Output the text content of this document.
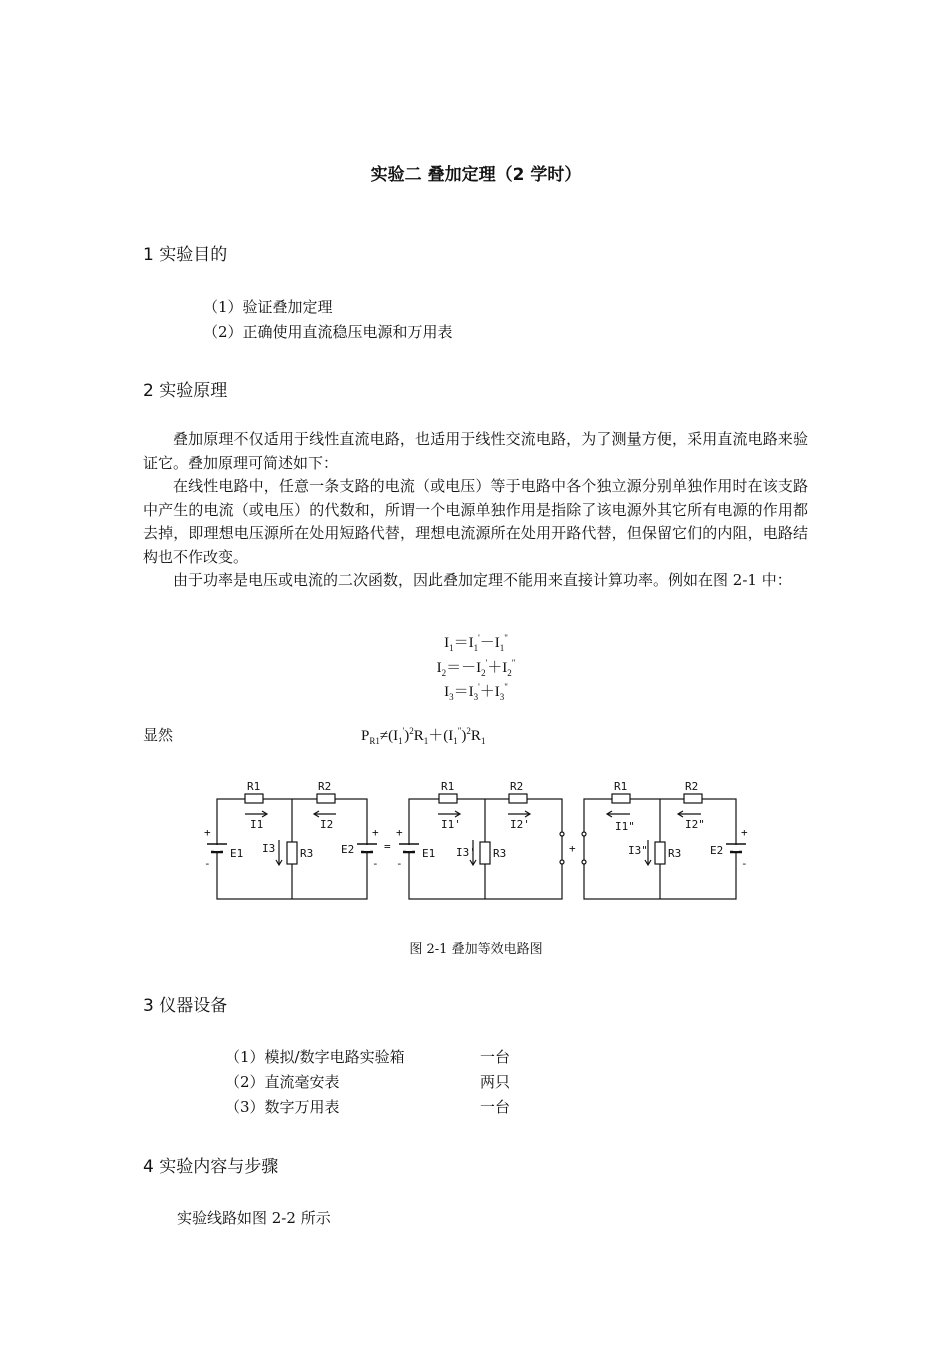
实验二 叠加定理（2 学时）
1 实验目的
（1）验证叠加定理
（2）正确使用直流稳压电源和万用表
2 实验原理

叠加原理不仅适用于线性直流电路，也适用于线性交流电路，为了测量方便，采用直流电路来验证它。叠加原理可简述如下：

在线性电路中，任意一条支路的电流（或电压）等于电路中各个独立源分别单独作用时在该支路中产生的电流（或电压）的代数和，所谓一个电源单独作用是指除了该电源外其它所有电源的作用都去掉，即理想电压源所在处用短路代替，理想电流源所在处用开路代替，但保留它们的内阻，电路结构也不作改变。

由于功率是电压或电流的二次函数，因此叠加定理不能用来直接计算功率。例如在图 2-1 中：

$I_1=I_1'-I_1^"$
$I_2=-I_2'+I_2^"$
$I_3=I_3'+I_3^"$
显然	$P_{R1}\ne(I_1')^2R_1+(I_1^")^2R_1$
R1	R2
R3
E1	E2
I1	I2
I3
+
-
+
-
=
R1	R2
R3
E1
I1'	I2'
I3'
+
-
+
R1	R2
R3	E2
I1"	I2"
I3"
+
-
图 2-1 叠加等效电路图
3 仪器设备
（1）模拟/数字电路实验箱	一台
（2）直流毫安表	两只
（3）数字万用表	一台
4 实验内容与步骤
实验线路如图 2-2 所示
